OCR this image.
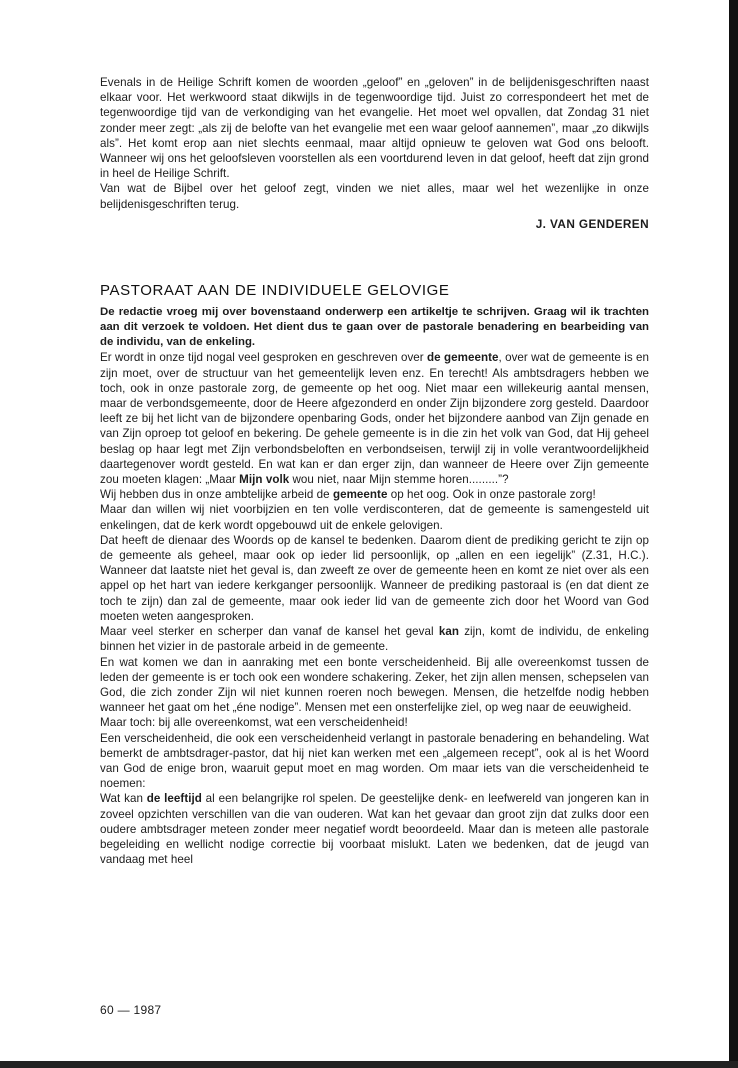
Evenals in de Heilige Schrift komen de woorden „geloof” en „geloven” in de belijdenisgeschriften naast elkaar voor. Het werkwoord staat dikwijls in de tegenwoordige tijd. Juist zo correspondeert het met de tegenwoordige tijd van de verkondiging van het evangelie. Het moet wel opvallen, dat Zondag 31 niet zonder meer zegt: „als zij de belofte van het evangelie met een waar geloof aannemen”, maar „zo dikwijls als”. Het komt erop aan niet slechts eenmaal, maar altijd opnieuw te geloven wat God ons belooft. Wanneer wij ons het geloofsleven voorstellen als een voortdurend leven in dat geloof, heeft dat zijn grond in heel de Heilige Schrift.

Van wat de Bijbel over het geloof zegt, vinden we niet alles, maar wel het wezenlijke in onze belijdenisgeschriften terug.

J. VAN GENDEREN

PASTORAAT AAN DE INDIVIDUELE GELOVIGE

De redactie vroeg mij over bovenstaand onderwerp een artikeltje te schrijven. Graag wil ik trachten aan dit verzoek te voldoen. Het dient dus te gaan over de pastorale benadering en bearbeiding van de individu, van de enkeling.

Er wordt in onze tijd nogal veel gesproken en geschreven over de gemeente, over wat de gemeente is en zijn moet, over de structuur van het gemeentelijk leven enz. En terecht! Als ambtsdragers hebben we toch, ook in onze pastorale zorg, de gemeente op het oog. Niet maar een willekeurig aantal mensen, maar de verbondsgemeente, door de Heere afgezonderd en onder Zijn bijzondere zorg gesteld. Daardoor leeft ze bij het licht van de bijzondere openbaring Gods, onder het bijzondere aanbod van Zijn genade en van Zijn oproep tot geloof en bekering. De gehele gemeente is in die zin het volk van God, dat Hij geheel beslag op haar legt met Zijn verbondsbeloften en verbondseisen, terwijl zij in volle verantwoordelijkheid daartegenover wordt gesteld. En wat kan er dan erger zijn, dan wanneer de Heere over Zijn gemeente zou moeten klagen: „Maar Mijn volk wou niet, naar Mijn stemme horen.........”?

Wij hebben dus in onze ambtelijke arbeid de gemeente op het oog. Ook in onze pastorale zorg!

Maar dan willen wij niet voorbijzien en ten volle verdisconteren, dat de gemeente is samengesteld uit enkelingen, dat de kerk wordt opgebouwd uit de enkele gelovigen.

Dat heeft de dienaar des Woords op de kansel te bedenken. Daarom dient de prediking gericht te zijn op de gemeente als geheel, maar ook op ieder lid persoonlijk, op „allen en een iegelijk” (Z.31, H.C.). Wanneer dat laatste niet het geval is, dan zweeft ze over de gemeente heen en komt ze niet over als een appel op het hart van iedere kerkganger persoonlijk. Wanneer de prediking pastoraal is (en dat dient ze toch te zijn) dan zal de gemeente, maar ook ieder lid van de gemeente zich door het Woord van God moeten weten aangesproken.

Maar veel sterker en scherper dan vanaf de kansel het geval kan zijn, komt de individu, de enkeling binnen het vizier in de pastorale arbeid in de gemeente.

En wat komen we dan in aanraking met een bonte verscheidenheid. Bij alle overeenkomst tussen de leden der gemeente is er toch ook een wondere schakering. Zeker, het zijn allen mensen, schepselen van God, die zich zonder Zijn wil niet kunnen roeren noch bewegen. Mensen, die hetzelfde nodig hebben wanneer het gaat om het „éne nodige”. Mensen met een onsterfelijke ziel, op weg naar de eeuwigheid.

Maar toch: bij alle overeenkomst, wat een verscheidenheid!

Een verscheidenheid, die ook een verscheidenheid verlangt in pastorale benadering en behandeling. Wat bemerkt de ambtsdrager-pastor, dat hij niet kan werken met een „algemeen recept”, ook al is het Woord van God de enige bron, waaruit geput moet en mag worden. Om maar iets van die verscheidenheid te noemen:

Wat kan de leeftijd al een belangrijke rol spelen. De geestelijke denk- en leefwereld van jongeren kan in zoveel opzichten verschillen van die van ouderen. Wat kan het gevaar dan groot zijn dat zulks door een oudere ambtsdrager meteen zonder meer negatief wordt beoordeeld. Maar dan is meteen alle pastorale begeleiding en wellicht nodige correctie bij voorbaat mislukt. Laten we bedenken, dat de jeugd van vandaag met heel

60 — 1987
